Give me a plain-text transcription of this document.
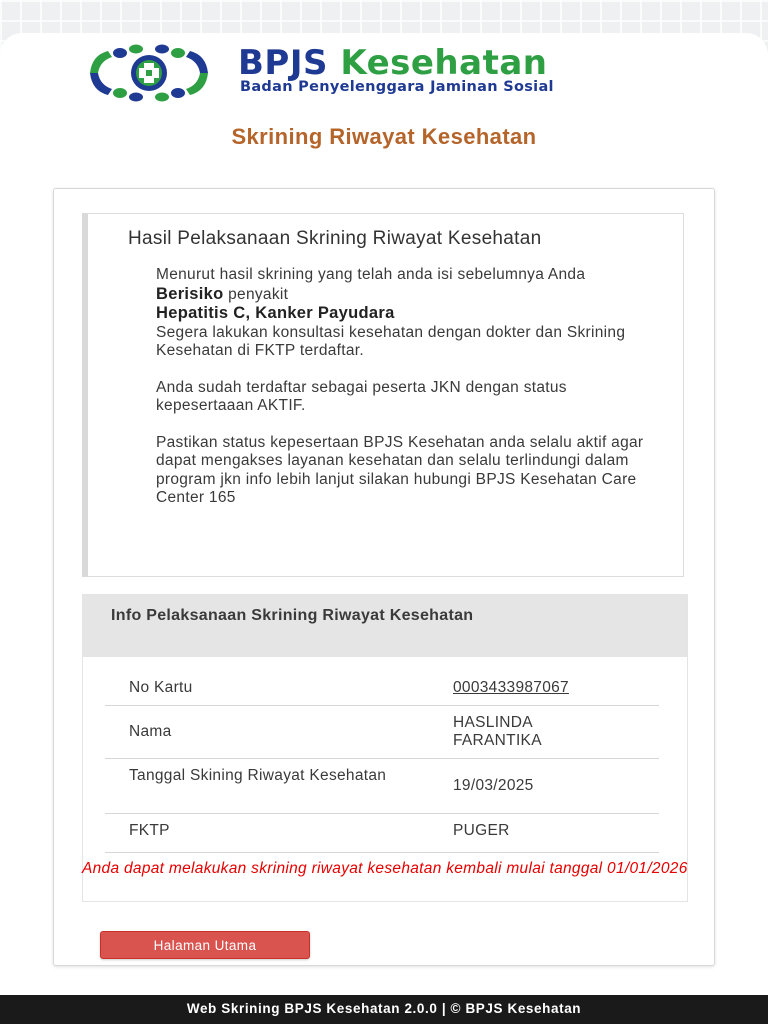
BPJS Kesehatan
Badan Penyelenggara Jaminan Sosial
Skrining Riwayat Kesehatan
Hasil Pelaksanaan Skrining Riwayat Kesehatan

Menurut hasil skrining yang telah anda isi sebelumnya Anda Berisiko penyakit
Hepatitis C, Kanker Payudara
Segera lakukan konsultasi kesehatan dengan dokter dan Skrining Kesehatan di FKTP terdaftar.

Anda sudah terdaftar sebagai peserta JKN dengan status kepesertaaan AKTIF.

Pastikan status kepesertaan BPJS Kesehatan anda selalu aktif agar dapat mengakses layanan kesehatan dan selalu terlindungi dalam program jkn info lebih lanjut silakan hubungi BPJS Kesehatan Care Center 165

Info Pelaksanaan Skrining Riwayat Kesehatan
No Kartu	0003433987067
Nama
HASLINDA FARANTIKA
Tanggal Skining Riwayat Kesehatan
19/03/2025
FKTP	PUGER
Anda dapat melakukan skrining riwayat kesehatan kembali mulai tanggal 01/01/2026
Halaman Utama
Web Skrining BPJS Kesehatan 2.0.0 | © BPJS Kesehatan
